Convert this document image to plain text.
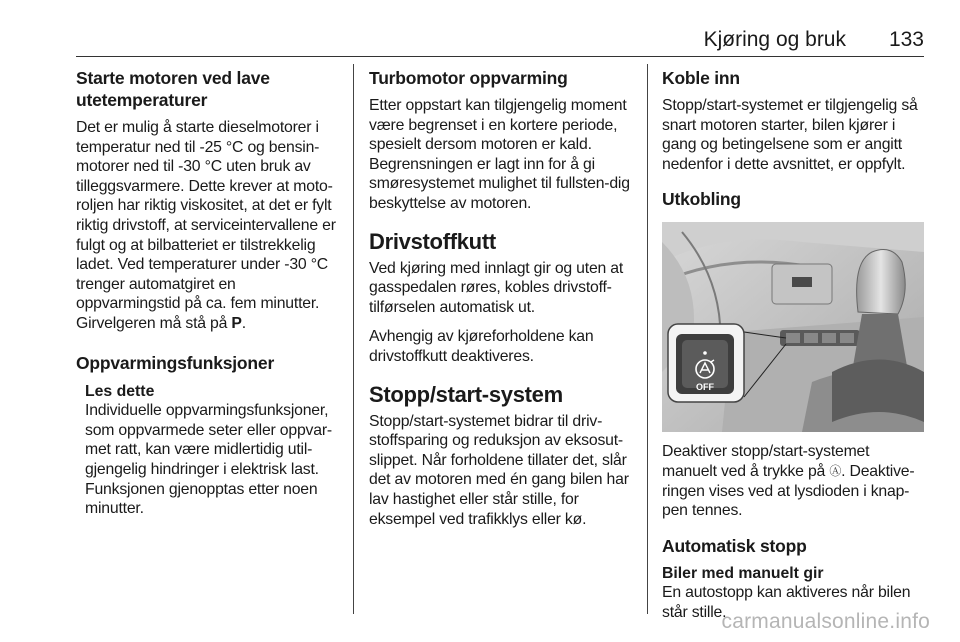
Kjøring og bruk 133
Starte motoren ved lave
utetemperaturer

Det er mulig å starte dieselmotorer i temperatur ned til -25 °C og bensin-motorer ned til -30 °C uten bruk av tilleggsvarmere. Dette krever at moto-roljen har riktig viskositet, at det er fylt riktig drivstoff, at serviceintervallene er fulgt og at bilbatteriet er tilstrekkelig ladet. Ved temperaturer under -30 °C trenger automatgiret en oppvarmingstid på ca. fem minutter. Girvelgeren må stå på P.

Oppvarmingsfunksjoner
Les dette

Individuelle oppvarmingsfunksjoner, som oppvarmede seter eller oppvar-met ratt, kan være midlertidig util-gjengelig hindringer i elektrisk last. Funksjonen gjenopptas etter noen minutter.

Turbomotor oppvarming

Etter oppstart kan tilgjengelig moment være begrenset i en kortere periode, spesielt dersom motoren er kald. Begrensningen er lagt inn for å gi smøresystemet mulighet til fullsten-dig beskyttelse av motoren.

Drivstoffkutt

Ved kjøring med innlagt gir og uten at gasspedalen røres, kobles drivstoff-tilførselen automatisk ut.

Avhengig av kjøreforholdene kan drivstoffkutt deaktiveres.

Stopp/start-system

Stopp/start-systemet bidrar til driv-stoffsparing og reduksjon av eksosut-slippet. Når forholdene tillater det, slår det av motoren med én gang bilen har lav hastighet eller står stille, for eksempel ved trafikklys eller kø.

Koble inn

Stopp/start-systemet er tilgjengelig så snart motoren starter, bilen kjører i gang og betingelsene som er angitt nedenfor i dette avsnittet, er oppfylt.

Utkobling
OFF

Deaktiver stopp/start-systemet manuelt ved å trykke på Ⓐ. Deaktive-ringen vises ved at lysdioden i knap-pen tennes.

Automatisk stopp
Biler med manuelt gir

En autostopp kan aktiveres når bilen står stille.

carmanualsonline.info
